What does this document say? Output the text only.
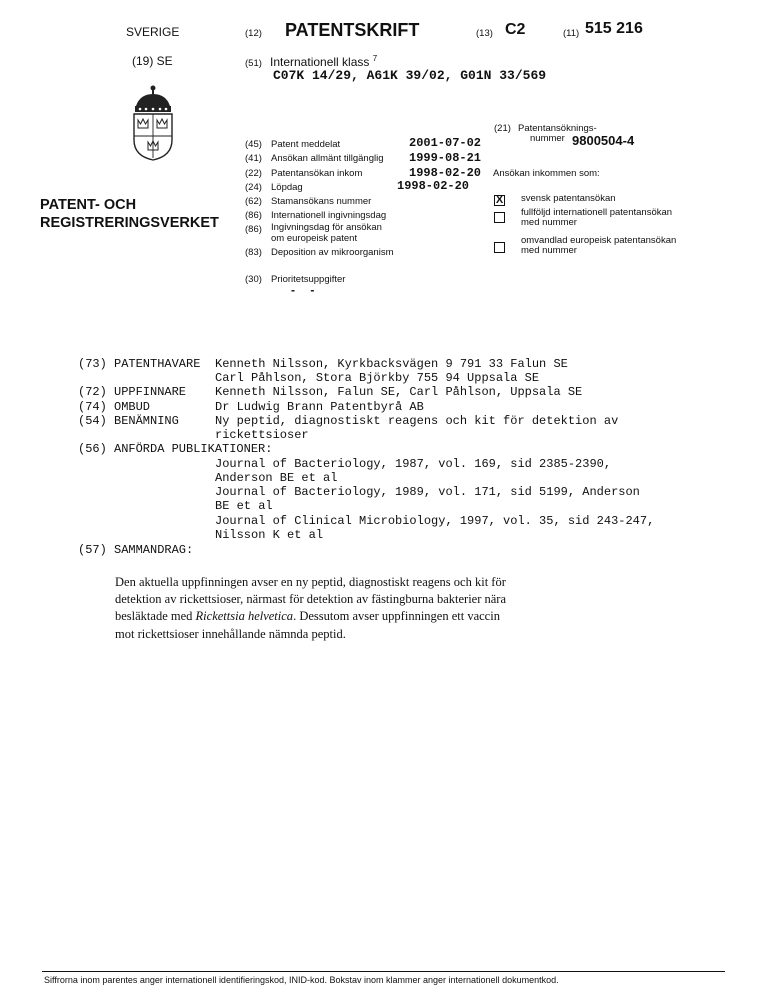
SVERIGE	(12) PATENTSKRIFT	(13) C2	(11) 515 216
(19) SE	(51) Internationell klass $^7$
C07K 14/29, A61K 39/02, G01N 33/569
PATENT- OCH
REGISTRERINGSVERKET
(21) Patentansöknings-
nummer 9800504-4
(45) Patent meddelat	2001-07-02
(41) Ansökan allmänt tillgänglig 1999-08-21
(22) Patentansökan inkom	1998-02-20
(24) Löpdag	1998-02-20
(62) Stamansökans nummer
(86) Internationell ingivningsdag
(86) Ingivningsdag för ansökan
om europeisk patent
(83) Deposition av mikroorganism
Ansökan inkommen som:
X svensk patentansökan
fullföljd internationell patentansökan
med nummer
omvandlad europeisk patentansökan
med nummer
(30) Prioritetsuppgifter
- -
(73) PATENTHAVARE Kenneth Nilsson, Kyrkbacksvägen 9 791 33 Falun SE
Carl Påhlson, Stora Björkby 755 94 Uppsala SE
(72) UPPFINNARE Kenneth Nilsson, Falun SE, Carl Påhlson, Uppsala SE
(74) OMBUD	Dr Ludwig Brann Patentbyrå AB
(54) BENÄMNING	Ny peptid, diagnostiskt reagens och kit för detektion av
rickettsioser
(56) ANFÖRDA PUBLIKATIONER:
Journal of Bacteriology, 1987, vol. 169, sid 2385-2390,
Anderson BE et al
Journal of Bacteriology, 1989, vol. 171, sid 5199, Anderson
BE et al
Journal of Clinical Microbiology, 1997, vol. 35, sid 243-247,
Nilsson K et al
(57) SAMMANDRAG:
Den aktuella uppfinningen avser en ny peptid, diagnostiskt reagens och kit för
detektion av rickettsioser, närmast för detektion av fästingburna bakterier nära
besläktade med Rickettsia helvetica. Dessutom avser uppfinningen ett vaccin
mot rickettsioser innehållande nämnda peptid.
Siffrorna inom parentes anger internationell identifieringskod, INID-kod. Bokstav inom klammer anger internationell dokumentkod.
